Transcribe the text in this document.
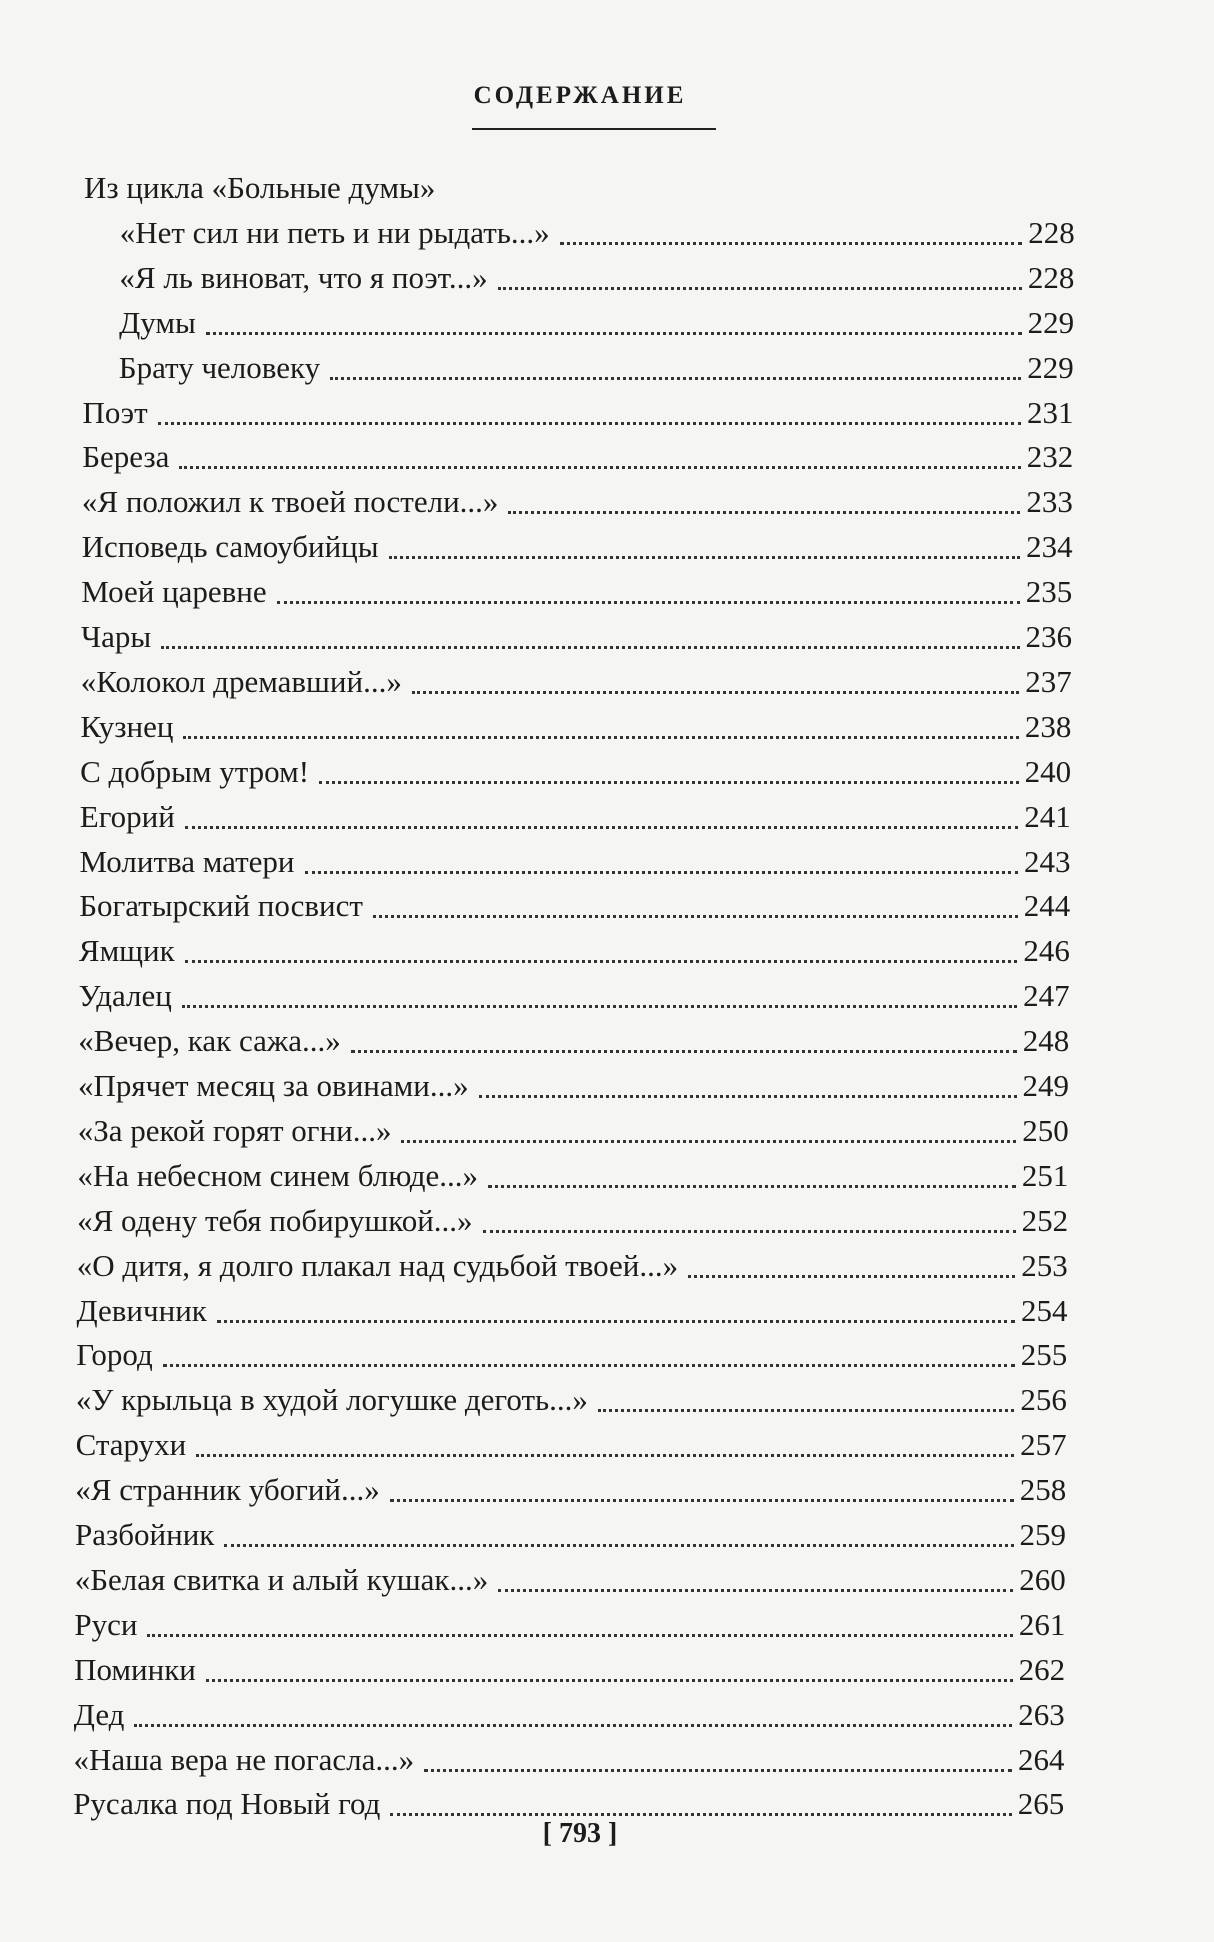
СОДЕРЖАНИЕ
Из цикла «Больные думы»
«Нет сил ни петь и ни рыдать...»	228
«Я ль виноват, что я поэт...»	228
Думы	229
Брату человеку	229
Поэт	231
Береза	232
«Я положил к твоей постели...»	233
Исповедь самоубийцы	234
Моей царевне	235
Чары	236
«Колокол дремавший...»	237
Кузнец	238
С добрым утром!	240
Егорий	241
Молитва матери	243
Богатырский посвист	244
Ямщик	246
Удалец	247
«Вечер, как сажа...»	248
«Прячет месяц за овинами...»	249
«За рекой горят огни...»	250
«На небесном синем блюде...»	251
«Я одену тебя побирушкой...»	252
«О дитя, я долго плакал над судьбой твоей...»	253
Девичник	254
Город	255
«У крыльца в худой логушке деготь...»	256
Старухи	257
«Я странник убогий...»	258
Разбойник	259
«Белая свитка и алый кушак...»	260
Руси	261
Поминки	262
Дед	263
«Наша вера не погасла...»	264
Русалка под Новый год	265
[ 793 ]
